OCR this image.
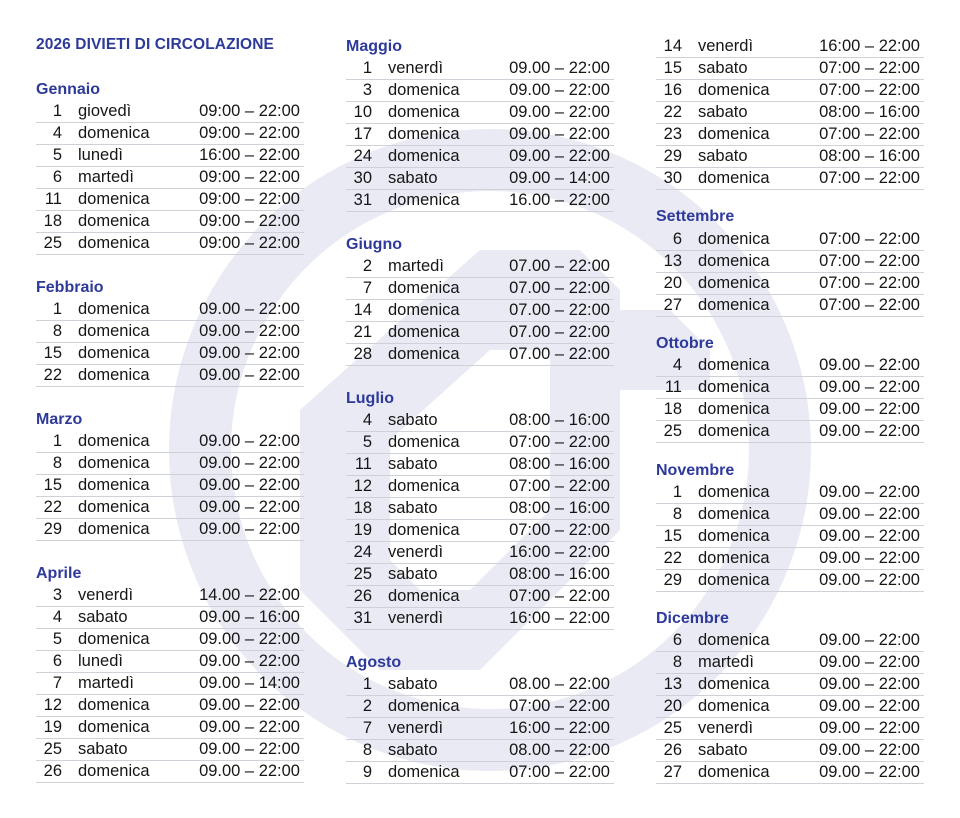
2026 DIVIETI DI CIRCOLAZIONE
Gennaio
1 giovedì	09:00 – 22:00
4 domenica	09:00 – 22:00
5 lunedì	16:00 – 22:00
6 martedì	09:00 – 22:00
11 domenica	09:00 – 22:00
18 domenica	09:00 – 22:00
25 domenica	09:00 – 22:00
Febbraio
1 domenica	09.00 – 22:00
8 domenica	09.00 – 22:00
15 domenica	09.00 – 22:00
22 domenica	09.00 – 22:00
Marzo
1 domenica	09.00 – 22:00
8 domenica	09.00 – 22:00
15 domenica	09.00 – 22:00
22 domenica	09.00 – 22:00
29 domenica	09.00 – 22:00
Aprile
3 venerdì	14.00 – 22:00
4 sabato	09.00 – 16:00
5 domenica	09.00 – 22:00
6 lunedì	09.00 – 22:00
7 martedì	09.00 – 14:00
12 domenica	09.00 – 22:00
19 domenica	09.00 – 22:00
25 sabato	09.00 – 22:00
26 domenica	09.00 – 22:00
Maggio
1 venerdì	09.00 – 22:00
3 domenica	09.00 – 22:00
10 domenica	09.00 – 22:00
17 domenica	09.00 – 22:00
24 domenica	09.00 – 22:00
30 sabato	09.00 – 14:00
31 domenica	16.00 – 22:00
Giugno
2 martedì	07.00 – 22:00
7 domenica	07.00 – 22:00
14 domenica	07.00 – 22:00
21 domenica	07.00 – 22:00
28 domenica	07.00 – 22:00
Luglio
4 sabato	08:00 – 16:00
5 domenica	07:00 – 22:00
11 sabato	08:00 – 16:00
12 domenica	07:00 – 22:00
18 sabato	08:00 – 16:00
19 domenica	07:00 – 22:00
24 venerdì	16:00 – 22:00
25 sabato	08:00 – 16:00
26 domenica	07:00 – 22:00
31 venerdì	16:00 – 22:00
Agosto
1 sabato	08.00 – 22:00
2 domenica	07:00 – 22:00
7 venerdì	16:00 – 22:00
8 sabato	08.00 – 22:00
9 domenica	07:00 – 22:00
14 venerdì	16:00 – 22:00
15 sabato	07:00 – 22:00
16 domenica	07:00 – 22:00
22 sabato	08:00 – 16:00
23 domenica	07:00 – 22:00
29 sabato	08:00 – 16:00
30 domenica	07:00 – 22:00
Settembre
6 domenica	07:00 – 22:00
13 domenica	07:00 – 22:00
20 domenica	07:00 – 22:00
27 domenica	07:00 – 22:00
Ottobre
4 domenica	09.00 – 22:00
11 domenica	09.00 – 22:00
18 domenica	09.00 – 22:00
25 domenica	09.00 – 22:00
Novembre
1 domenica	09.00 – 22:00
8 domenica	09.00 – 22:00
15 domenica	09.00 – 22:00
22 domenica	09.00 – 22:00
29 domenica	09.00 – 22:00
Dicembre
6 domenica	09.00 – 22:00
8 martedì	09.00 – 22:00
13 domenica	09.00 – 22:00
20 domenica	09.00 – 22:00
25 venerdì	09.00 – 22:00
26 sabato	09.00 – 22:00
27 domenica	09.00 – 22:00
